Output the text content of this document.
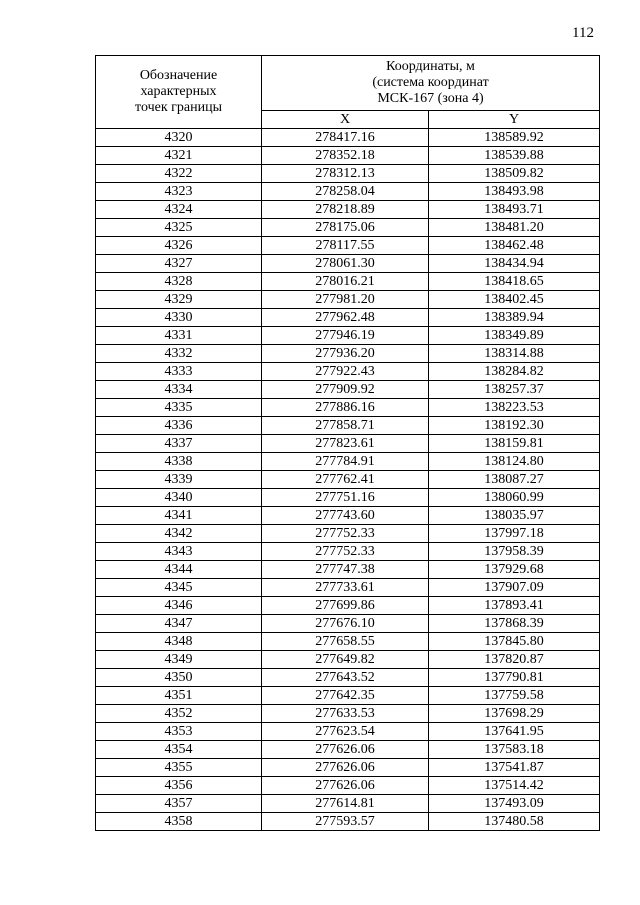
112
Обозначение
характерных
точек границы	Координаты, м
(система координат
МСК-167 (зона 4)	

	X	Y
4320	278417.16	138589.92
4321	278352.18	138539.88
4322	278312.13	138509.82
4323	278258.04	138493.98
4324	278218.89	138493.71
4325	278175.06	138481.20
4326	278117.55	138462.48
4327	278061.30	138434.94
4328	278016.21	138418.65
4329	277981.20	138402.45
4330	277962.48	138389.94
4331	277946.19	138349.89
4332	277936.20	138314.88
4333	277922.43	138284.82
4334	277909.92	138257.37
4335	277886.16	138223.53
4336	277858.71	138192.30
4337	277823.61	138159.81
4338	277784.91	138124.80
4339	277762.41	138087.27
4340	277751.16	138060.99
4341	277743.60	138035.97
4342	277752.33	137997.18
4343	277752.33	137958.39
4344	277747.38	137929.68
4345	277733.61	137907.09
4346	277699.86	137893.41
4347	277676.10	137868.39
4348	277658.55	137845.80
4349	277649.82	137820.87
4350	277643.52	137790.81
4351	277642.35	137759.58
4352	277633.53	137698.29
4353	277623.54	137641.95
4354	277626.06	137583.18
4355	277626.06	137541.87
4356	277626.06	137514.42
4357	277614.81	137493.09
4358	277593.57	137480.58
